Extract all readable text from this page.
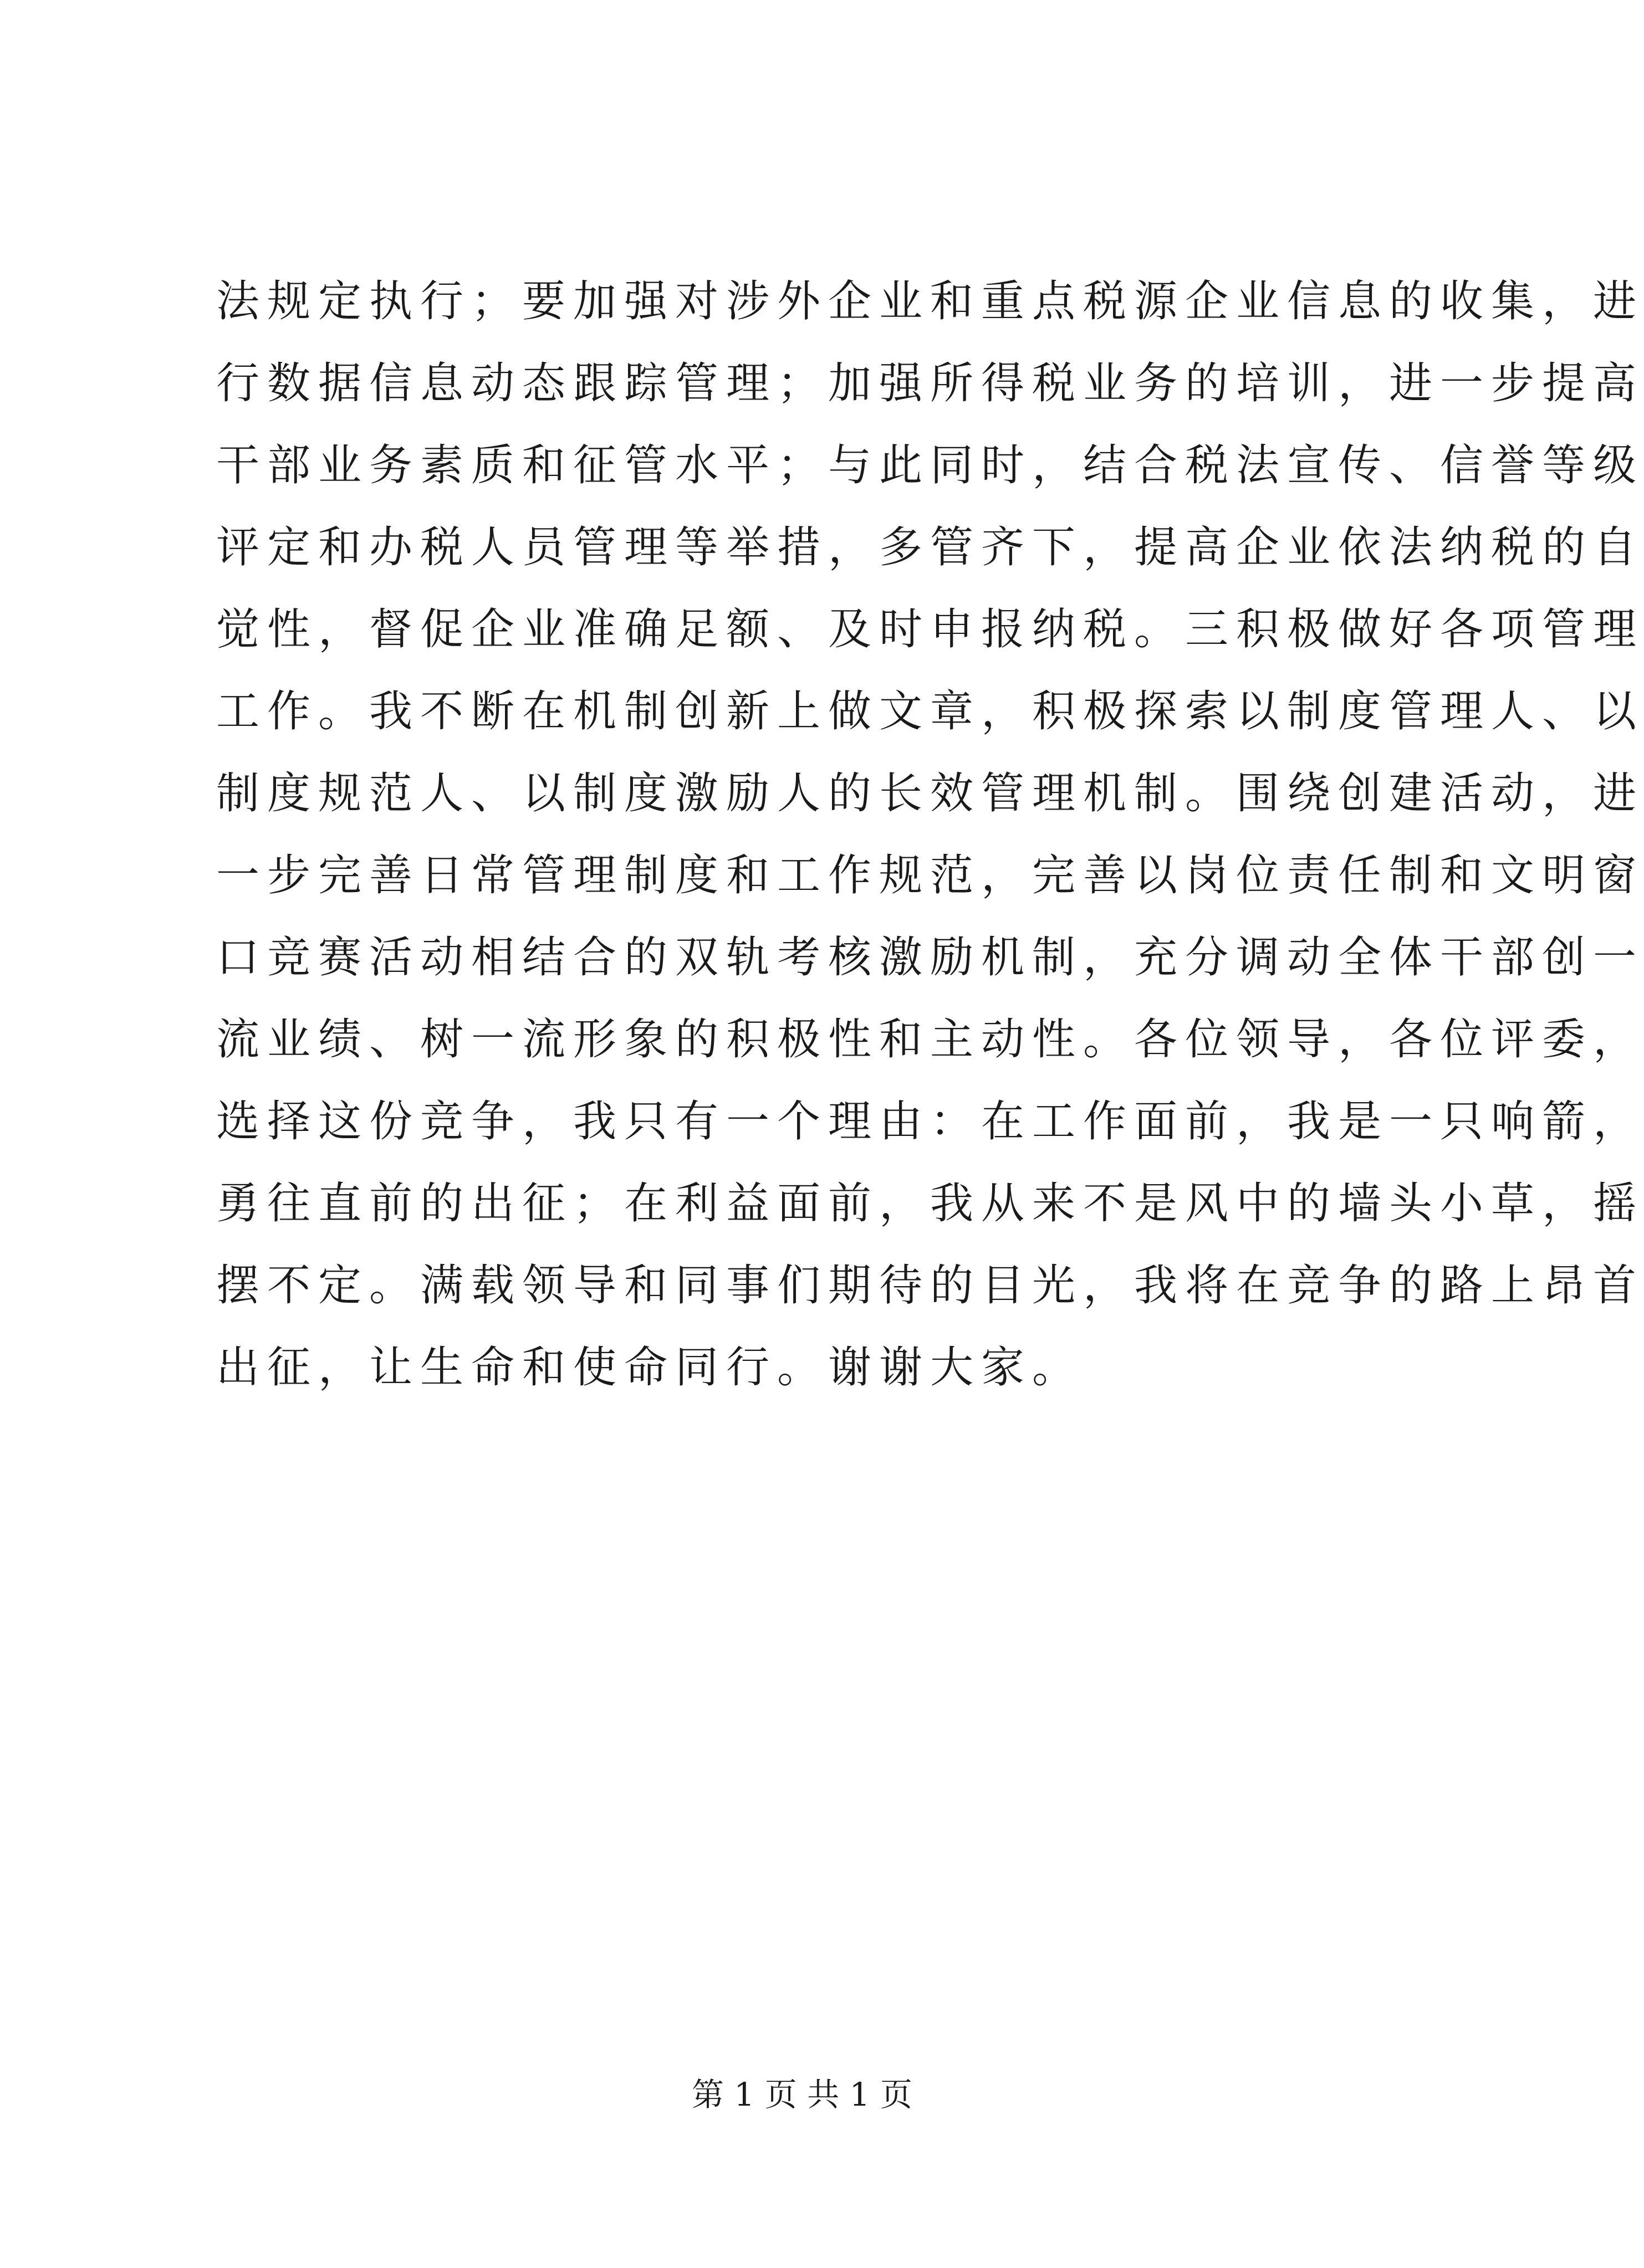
法规定执行；要加强对涉外企业和重点税源企业信息的收集，进
行数据信息动态跟踪管理；加强所得税业务的培训，进一步提高
干部业务素质和征管水平；与此同时，结合税法宣传、信誉等级
评定和办税人员管理等举措，多管齐下，提高企业依法纳税的自
觉性，督促企业准确足额、及时申报纳税。三积极做好各项管理
工作。我不断在机制创新上做文章，积极探索以制度管理人、以
制度规范人、以制度激励人的长效管理机制。围绕创建活动，进
一步完善日常管理制度和工作规范，完善以岗位责任制和文明窗
口竞赛活动相结合的双轨考核激励机制，充分调动全体干部创一
流业绩、树一流形象的积极性和主动性。各位领导，各位评委，
选择这份竞争，我只有一个理由：在工作面前，我是一只响箭，
勇往直前的出征；在利益面前，我从来不是风中的墙头小草，摇
摆不定。满载领导和同事们期待的目光，我将在竞争的路上昂首
出征，让生命和使命同行。谢谢大家。
第 1 页 共 1 页
